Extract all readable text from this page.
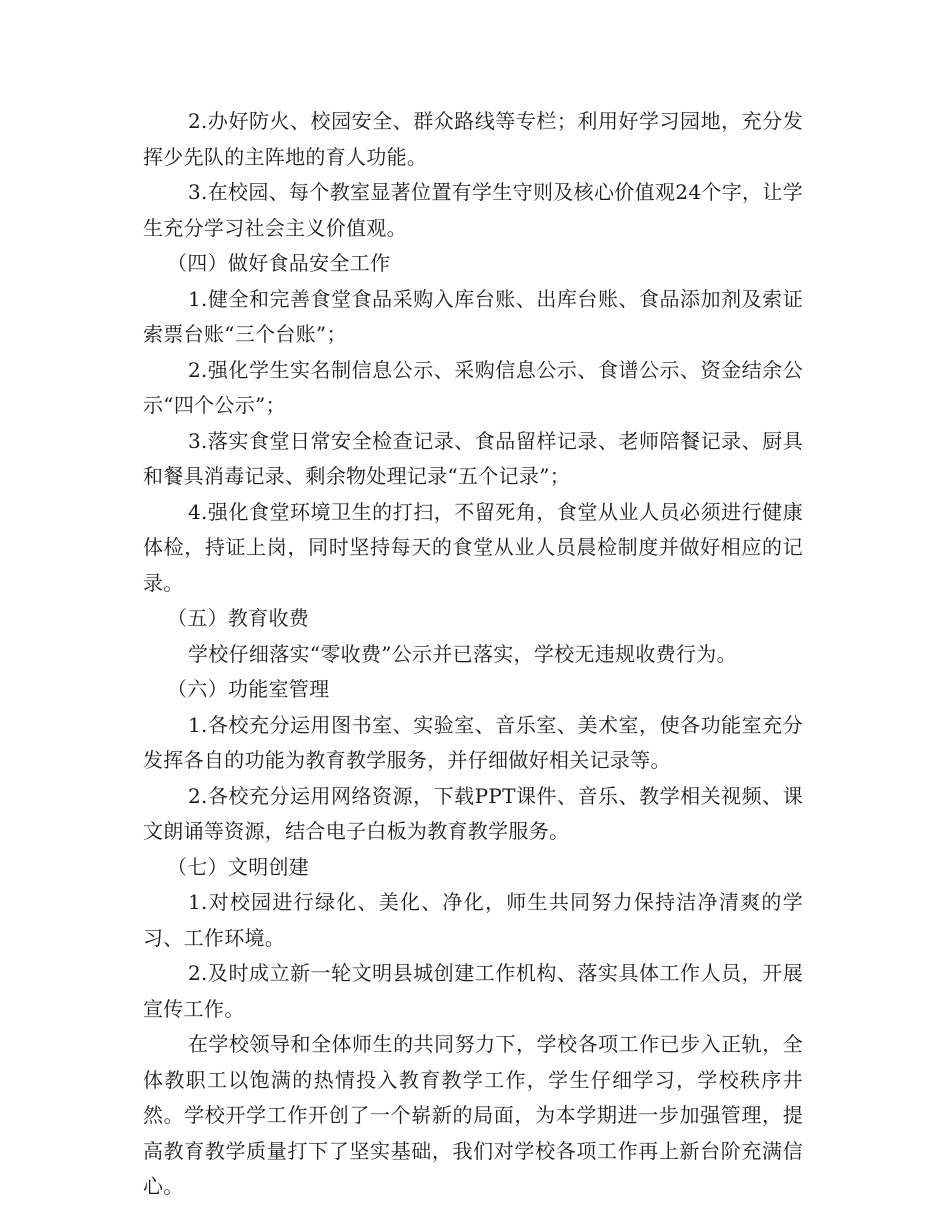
2.办好防火、校园安全、群众路线等专栏；利用好学习园地，充分发挥少先队的主阵地的育人功能。

3.在校园、每个教室显著位置有学生守则及核心价值观24个字，让学生充分学习社会主义价值观。

（四）做好食品安全工作

1.健全和完善食堂食品采购入库台账、出库台账、食品添加剂及索证索票台账“三个台账”；

2.强化学生实名制信息公示、采购信息公示、食谱公示、资金结余公示“四个公示”；

3.落实食堂日常安全检查记录、食品留样记录、老师陪餐记录、厨具和餐具消毒记录、剩余物处理记录“五个记录”；

4.强化食堂环境卫生的打扫，不留死角，食堂从业人员必须进行健康体检，持证上岗，同时坚持每天的食堂从业人员晨检制度并做好相应的记录。

（五）教育收费

学校仔细落实“零收费”公示并已落实，学校无违规收费行为。

（六）功能室管理

1.各校充分运用图书室、实验室、音乐室、美术室，使各功能室充分发挥各自的功能为教育教学服务，并仔细做好相关记录等。

2.各校充分运用网络资源，下载PPT课件、音乐、教学相关视频、课文朗诵等资源，结合电子白板为教育教学服务。

（七）文明创建

1.对校园进行绿化、美化、净化，师生共同努力保持洁净清爽的学习、工作环境。

2.及时成立新一轮文明县城创建工作机构、落实具体工作人员，开展宣传工作。

在学校领导和全体师生的共同努力下，学校各项工作已步入正轨，全体教职工以饱满的热情投入教育教学工作，学生仔细学习，学校秩序井然。学校开学工作开创了一个崭新的局面，为本学期进一步加强管理，提高教育教学质量打下了坚实基础，我们对学校各项工作再上新台阶充满信心。
